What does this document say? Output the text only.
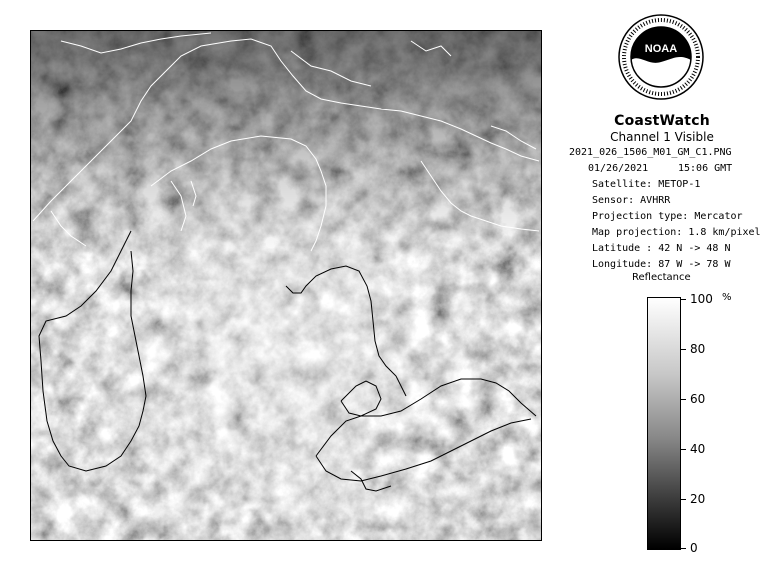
NOAA
CoastWatch
Channel 1 Visible
2021_026_1506_M01_GM_C1.PNG
01/26/2021	15:06 GMT
Satellite: METOP-1
Sensor: AVHRR
Projection type: Mercator
Map projection: 1.8 km/pixel
Latitude : 42 N -> 48 N
Longitude: 87 W -> 78 W
Reflectance
%
100
80
60
40
20
0
